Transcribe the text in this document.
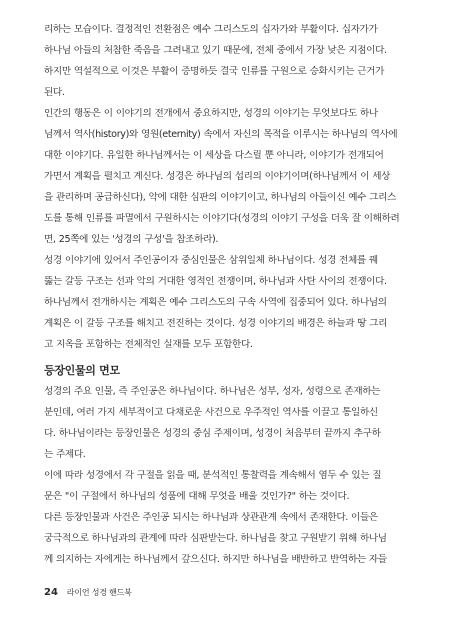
리하는 모습이다. 결정적인 전환점은 예수 그리스도의 십자가와 부활이다. 십자가가
하나님 아들의 처참한 죽음을 그려내고 있기 때문에, 전체 중에서 가장 낮은 지점이다.
하지만 역설적으로 이것은 부활이 증명하듯 결국 인류를 구원으로 승화시키는 근거가
된다.
인간의 행동은 이 이야기의 전개에서 중요하지만, 성경의 이야기는 무엇보다도 하나
님께서 역사(history)와 영원(eternity) 속에서 자신의 목적을 이루시는 하나님의 역사에
대한 이야기다. 유일한 하나님께서는 이 세상을 다스릴 뿐 아니라, 이야기가 전개되어
가면서 계획을 펼치고 계신다. 성경은 하나님의 섭리의 이야기이며(하나님께서 이 세상
을 관리하며 공급하신다), 악에 대한 심판의 이야기이고, 하나님의 아들이신 예수 그리스
도를 통해 인류를 파멸에서 구원하시는 이야기다(성경의 이야기 구성을 더욱 잘 이해하려
면, 25쪽에 있는 '성경의 구성'을 참조하라).
성경 이야기에 있어서 주인공이자 중심인물은 삼위일체 하나님이다. 성경 전체를 꿰
뚫는 갈등 구조는 선과 악의 거대한 영적인 전쟁이며, 하나님과 사탄 사이의 전쟁이다.
하나님께서 전개하시는 계획은 예수 그리스도의 구속 사역에 집중되어 있다. 하나님의
계획은 이 갈등 구조를 해치고 전진하는 것이다. 성경 이야기의 배경은 하늘과 땅 그리
고 지옥을 포함하는 전체적인 실재를 모두 포함한다.
등장인물의 면모
성경의 주요 인물, 즉 주인공은 하나님이다. 하나님은 성부, 성자, 성령으로 존재하는
분인데, 여러 가지 세부적이고 다채로운 사건으로 우주적인 역사를 이끌고 통일하신
다. 하나님이라는 등장인물은 성경의 중심 주제이며, 성경이 처음부터 끝까지 추구하
는 주제다.
이에 따라 성경에서 각 구절을 읽을 때, 분석적인 통찰력을 계속해서 염두 수 있는 질
문은 "이 구절에서 하나님의 성품에 대해 무엇을 배울 것인가?" 하는 것이다.
다른 등장인물과 사건은 주인공 되시는 하나님과 상관관계 속에서 존재한다. 이들은
궁극적으로 하나님과의 관계에 따라 심판받는다. 하나님을 찾고 구원받기 위해 하나님
께 의지하는 자에게는 하나님께서 갚으신다. 하지만 하나님을 배반하고 반역하는 자들
24 라이언 성경 핸드북
